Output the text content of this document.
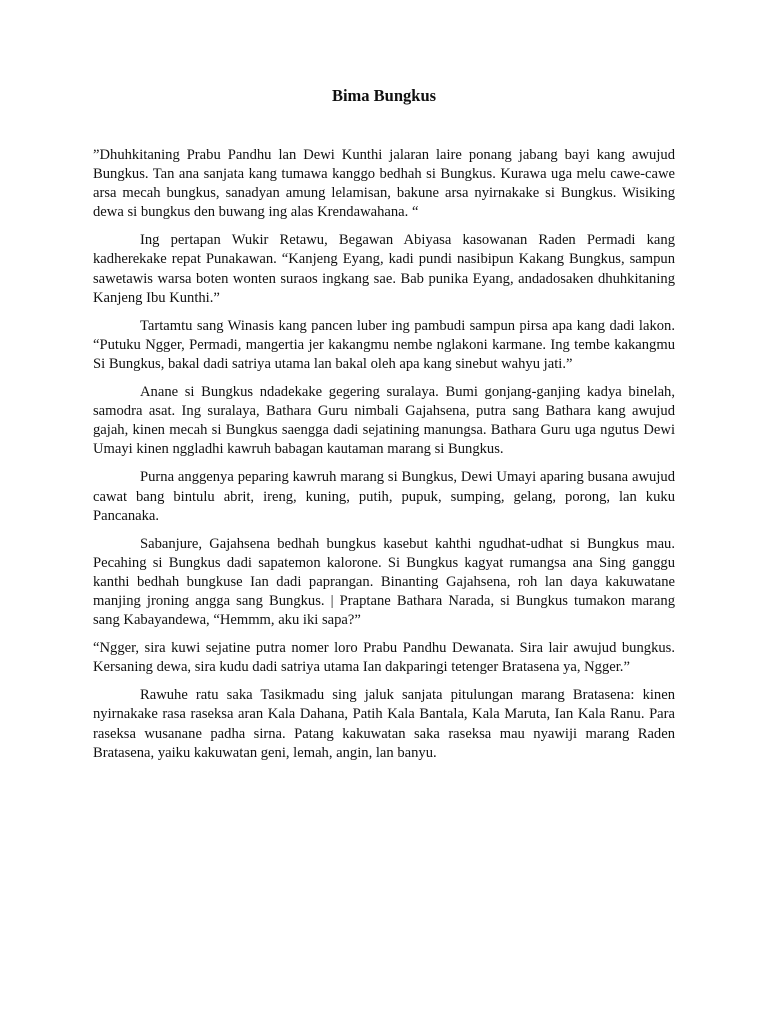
Bima Bungkus

”Dhuhkitaning Prabu Pandhu lan Dewi Kunthi jalaran laire ponang jabang bayi kang awujud Bungkus. Tan ana sanjata kang tumawa kanggo bedhah si Bungkus. Kurawa uga melu cawe-cawe arsa mecah bungkus, sanadyan amung lelamisan, bakune arsa nyirnakake si Bungkus. Wisiking dewa si bungkus den buwang ing alas Krendawahana. “

Ing pertapan Wukir Retawu, Begawan Abiyasa kasowanan Raden Permadi kang kadherekake repat Punakawan. “Kanjeng Eyang, kadi pundi nasibipun Kakang Bungkus, sampun sawetawis warsa boten wonten suraos ingkang sae. Bab punika Eyang, andadosaken dhuhkitaning Kanjeng Ibu Kunthi.”

Tartamtu sang Winasis kang pancen luber ing pambudi sampun pirsa apa kang dadi lakon. “Putuku Ngger, Permadi, mangertia jer kakangmu nembe nglakoni karmane. Ing tembe kakangmu Si Bungkus, bakal dadi satriya utama lan bakal oleh apa kang sinebut wahyu jati.”

Anane si Bungkus ndadekake gegering suralaya. Bumi gonjang-ganjing kadya binelah, samodra asat. Ing suralaya, Bathara Guru nimbali Gajahsena, putra sang Bathara kang awujud gajah, kinen mecah si Bungkus saengga dadi sejatining manungsa. Bathara Guru uga ngutus Dewi Umayi kinen nggladhi kawruh babagan kautaman marang si Bungkus.

Purna anggenya peparing kawruh marang si Bungkus, Dewi Umayi aparing busana awujud cawat bang bintulu abrit, ireng, kuning, putih, pupuk, sumping, gelang, porong, lan kuku Pancanaka.

Sabanjure, Gajahsena bedhah bungkus kasebut kahthi ngudhat-udhat si Bungkus mau. Pecahing si Bungkus dadi sapatemon kalorone. Si Bungkus kagyat rumangsa ana Sing ganggu kanthi bedhah bungkuse Ian dadi paprangan. Binanting Gajahsena, roh lan daya kakuwatane manjing jroning angga sang Bungkus. | Praptane Bathara Narada, si Bungkus tumakon marang sang Kabayandewa, “Hemmm, aku iki sapa?”

“Ngger, sira kuwi sejatine putra nomer loro Prabu Pandhu Dewanata. Sira lair awujud bungkus. Kersaning dewa, sira kudu dadi satriya utama Ian dakparingi tetenger Bratasena ya, Ngger.”

Rawuhe ratu saka Tasikmadu sing jaluk sanjata pitulungan marang Bratasena: kinen nyirnakake rasa raseksa aran Kala Dahana, Patih Kala Bantala, Kala Maruta, Ian Kala Ranu. Para raseksa wusanane padha sirna. Patang kakuwatan saka raseksa mau nyawiji marang Raden Bratasena, yaiku kakuwatan geni, lemah, angin, lan banyu.
